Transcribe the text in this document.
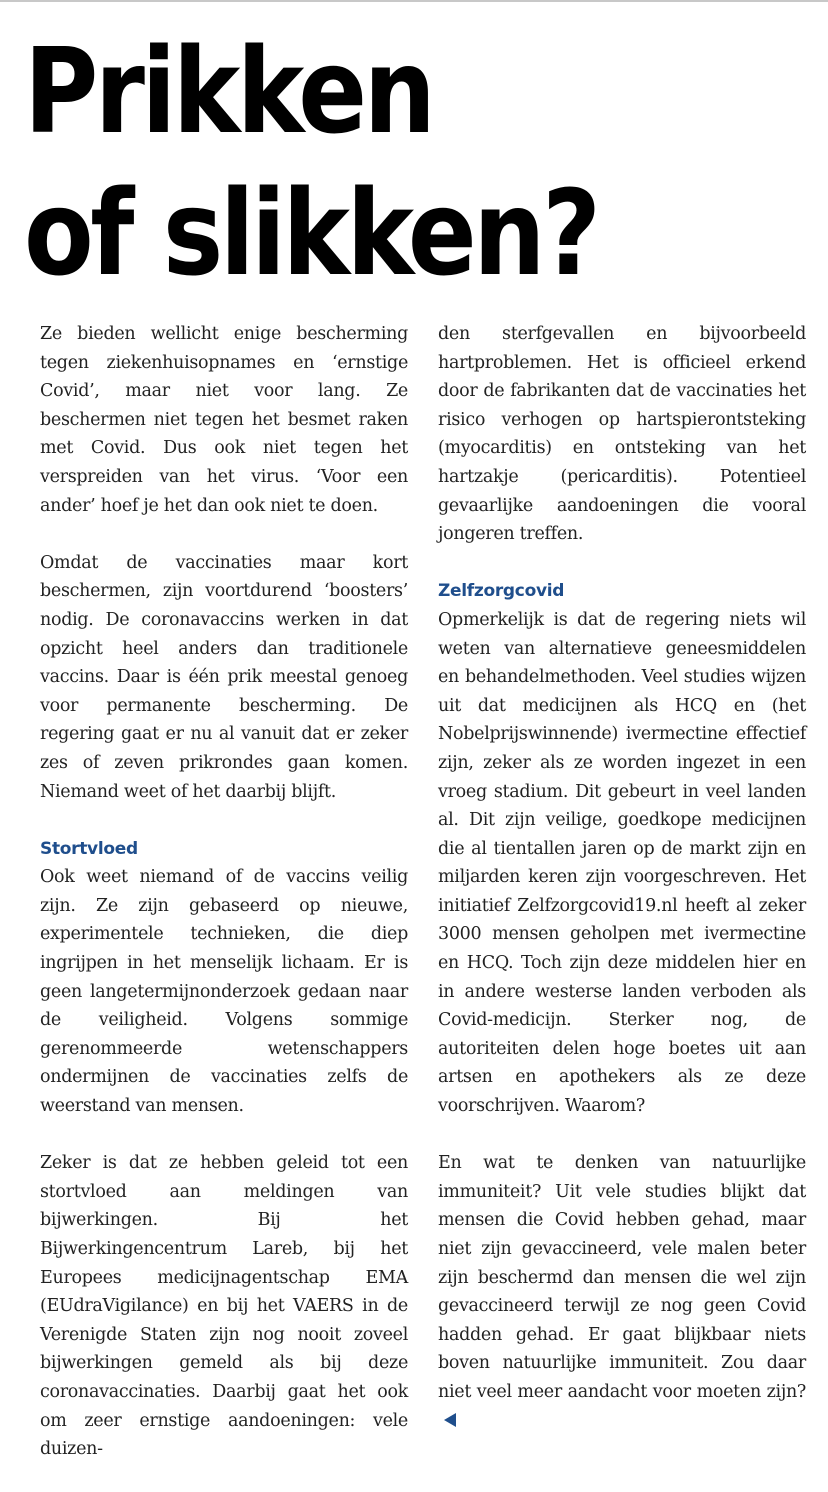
Prikken
of slikken?

Ze bieden wellicht enige bescherming tegen ziekenhuisopnames en ‘ernstige Covid’, maar niet voor lang. Ze beschermen niet tegen het besmet raken met Covid. Dus ook niet tegen het verspreiden van het virus. ‘Voor een ander’ hoef je het dan ook niet te doen.

Omdat de vaccinaties maar kort beschermen, zijn voortdurend ‘boosters’ nodig. De coronavaccins werken in dat opzicht heel anders dan traditionele vaccins. Daar is één prik meestal genoeg voor permanente bescherming. De regering gaat er nu al vanuit dat er zeker zes of zeven prikrondes gaan komen. Niemand weet of het daarbij blijft.

Stortvloed

Ook weet niemand of de vaccins veilig zijn. Ze zijn gebaseerd op nieuwe, experimentele technieken, die diep ingrijpen in het menselijk lichaam. Er is geen langetermijnonderzoek gedaan naar de veiligheid. Volgens sommige gerenommeerde wetenschappers ondermijnen de vaccinaties zelfs de weerstand van mensen.

Zeker is dat ze hebben geleid tot een stortvloed aan meldingen van bijwerkingen. Bij het Bijwerkingencentrum Lareb, bij het Europees medicijnagentschap EMA (EUdraVigilance) en bij het VAERS in de Verenigde Staten zijn nog nooit zoveel bijwerkingen gemeld als bij deze coronavaccinaties. Daarbij gaat het ook om zeer ernstige aandoeningen: vele duizen-

den sterfgevallen en bijvoorbeeld hartproblemen. Het is officieel erkend door de fabrikanten dat de vaccinaties het risico verhogen op hartspierontsteking (myocarditis) en ontsteking van het hartzakje (pericarditis). Potentieel gevaarlijke aandoeningen die vooral jongeren treffen.

Zelfzorgcovid

Opmerkelijk is dat de regering niets wil weten van alternatieve geneesmiddelen en behandelmethoden. Veel studies wijzen uit dat medicijnen als HCQ en (het Nobelprijswinnende) ivermectine effectief zijn, zeker als ze worden ingezet in een vroeg stadium. Dit gebeurt in veel landen al. Dit zijn veilige, goedkope medicijnen die al tientallen jaren op de markt zijn en miljarden keren zijn voorgeschreven. Het initiatief Zelfzorgcovid19.nl heeft al zeker 3000 mensen geholpen met ivermectine en HCQ. Toch zijn deze middelen hier en in andere westerse landen verboden als Covid-medicijn. Sterker nog, de autoriteiten delen hoge boetes uit aan artsen en apothekers als ze deze voorschrijven. Waarom?

En wat te denken van natuurlijke immuniteit? Uit vele studies blijkt dat mensen die Covid hebben gehad, maar niet zijn gevaccineerd, vele malen beter zijn beschermd dan mensen die wel zijn gevaccineerd terwijl ze nog geen Covid hadden gehad. Er gaat blijkbaar niets boven natuurlijke immuniteit. Zou daar niet veel meer aandacht voor moeten zijn?
